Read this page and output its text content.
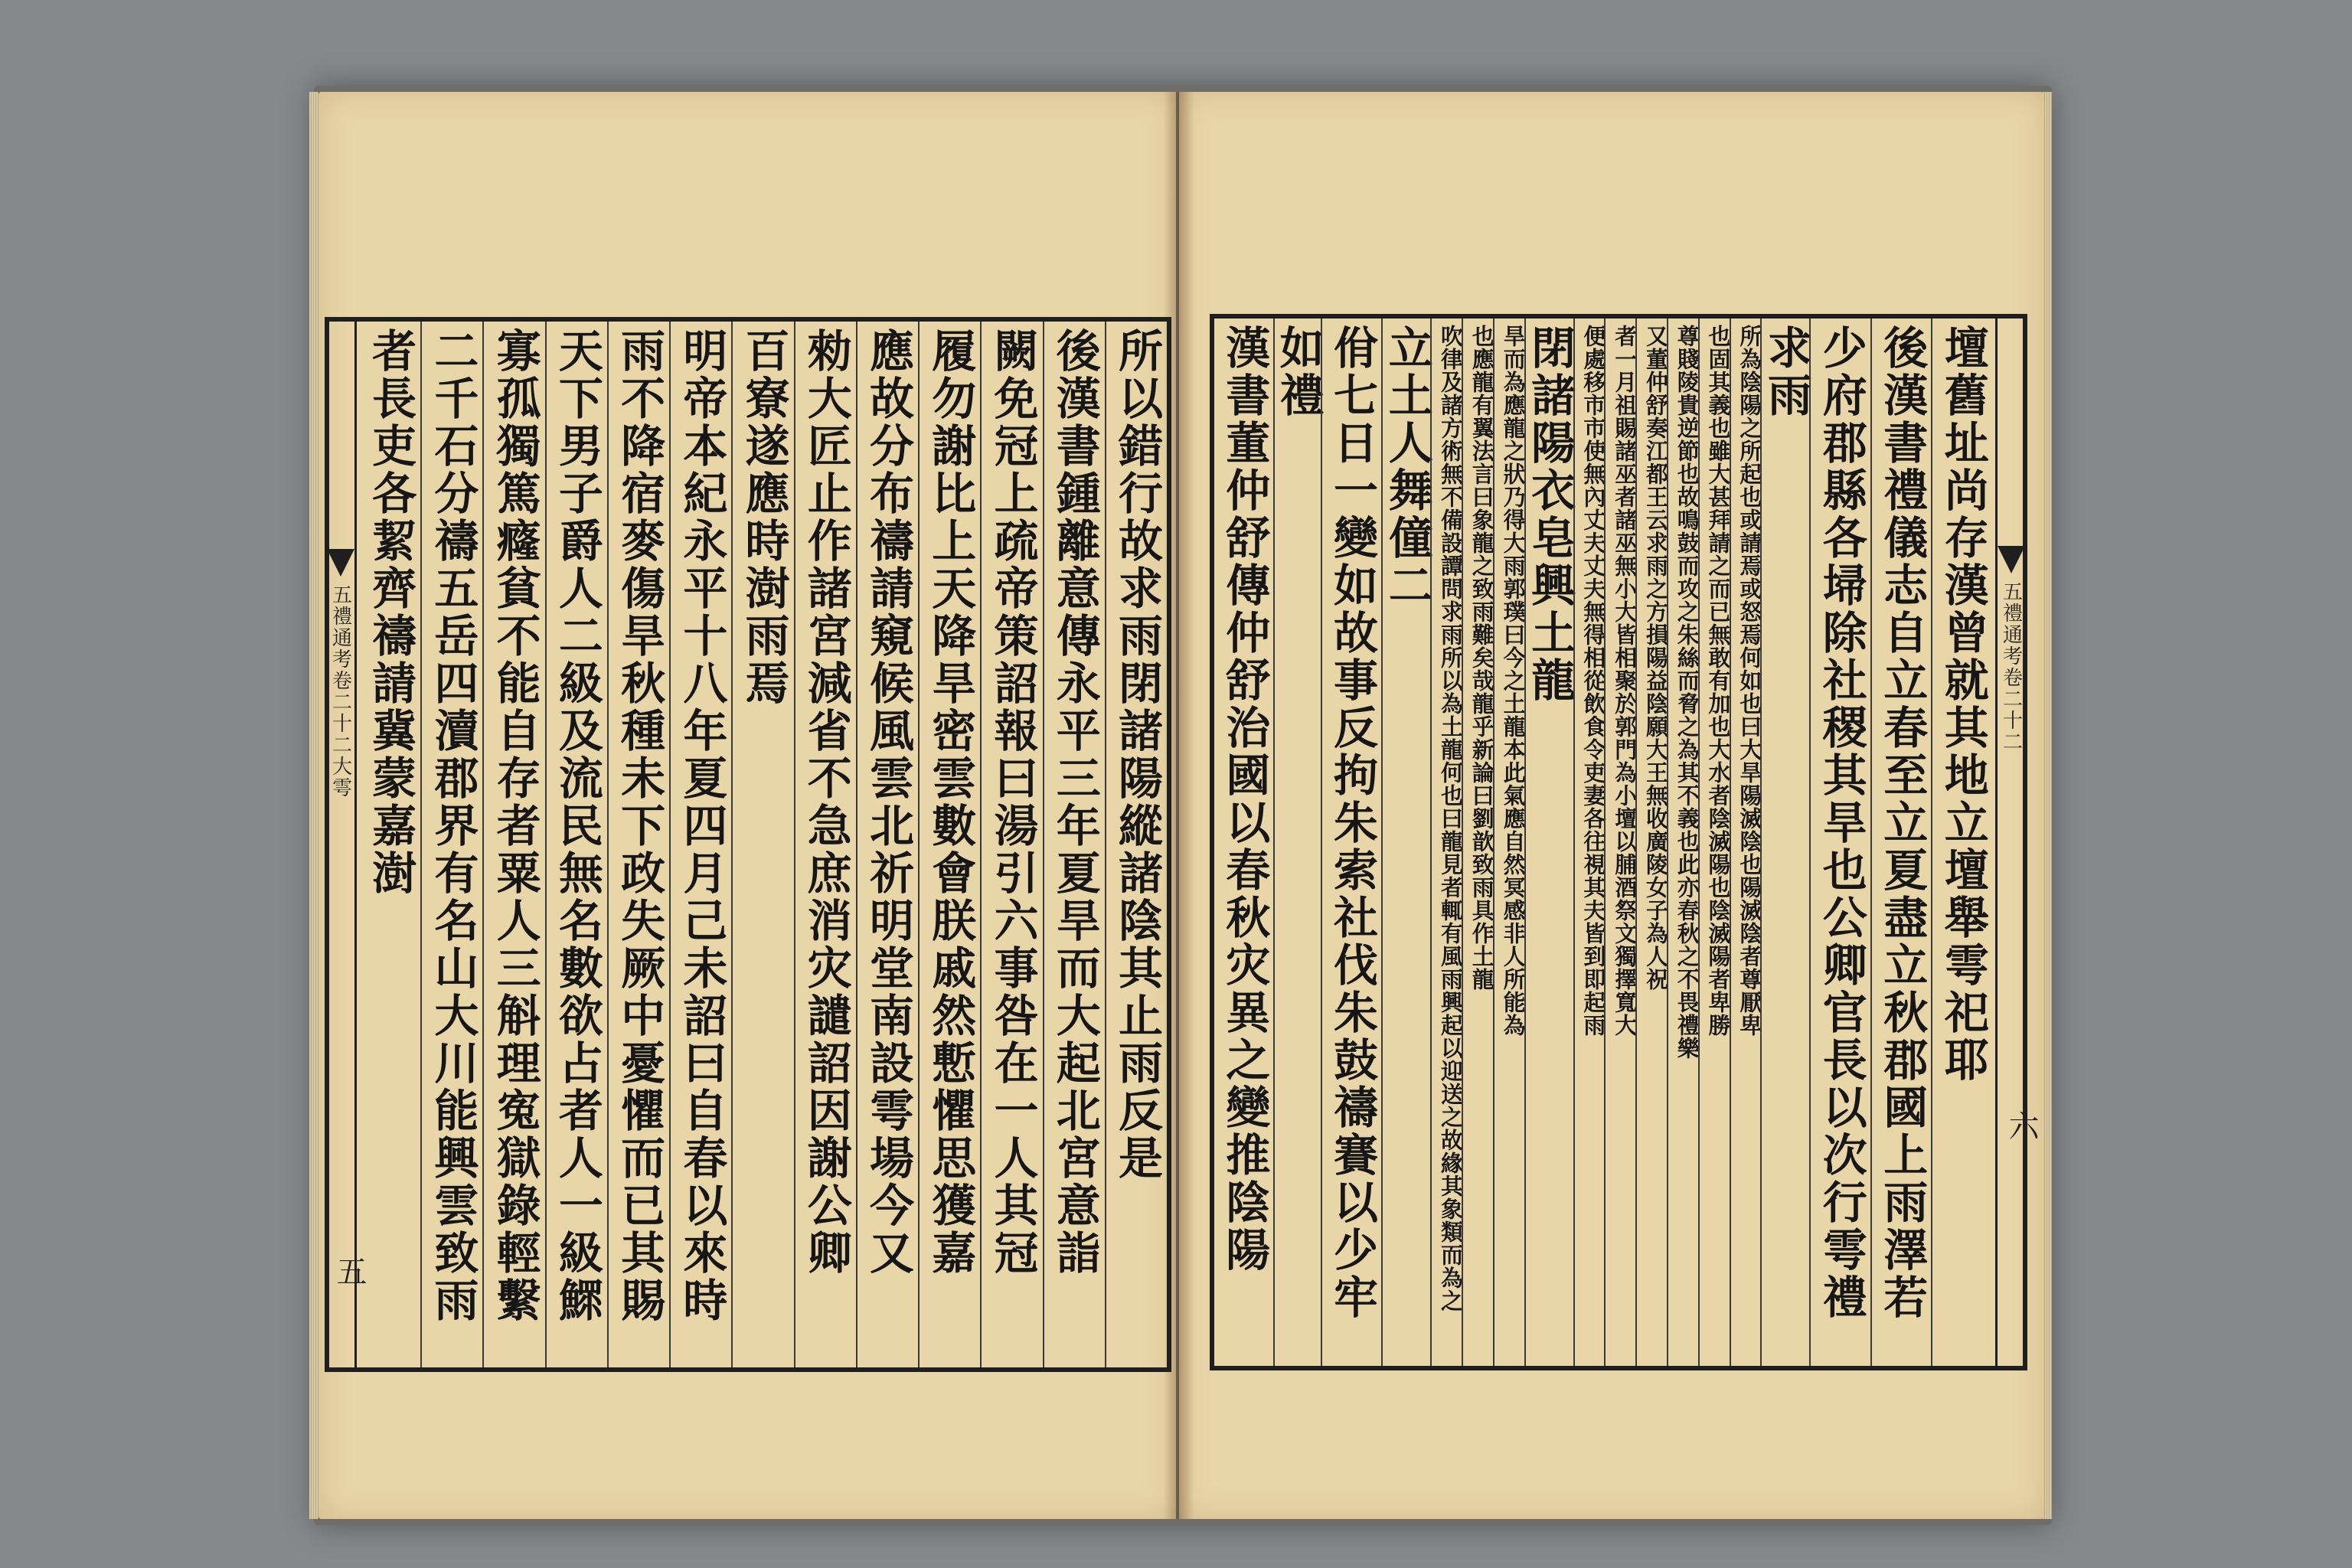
所以錯行故求雨閉諸陽縱諸陰其止雨反是
後漢書鍾離意傳永平三年夏旱而大起北宮意詣
闕免冠上疏帝策詔報曰湯引六事咎在一人其冠
履勿謝比上天降旱密雲數會朕戚然慙懼思獲嘉
應故分布禱請窺候風雲北祈明堂南設雩場今又
勑大匠止作諸宮減省不急庶消灾譴詔因謝公卿
百寮遂應時澍雨焉
明帝本紀永平十八年夏四月己未詔曰自春以來時
雨不降宿麥傷旱秋種未下政失厥中憂懼而已其賜
天下男子爵人二級及流民無名數欲占者人一級鰥
寡孤獨篤癃貧不能自存者粟人三斛理寃獄錄輕繫
二千石分禱五岳四瀆郡界有名山大川能興雲致雨
者長吏各絜齊禱請冀蒙嘉澍
五禮通考卷二十二大雩
五
壇舊址尚存漢曾就其地立壇舉雩祀耶
後漢書禮儀志自立春至立夏盡立秋郡國上雨澤若
少府郡縣各埽除社稷其旱也公卿官長以次行雩禮
求雨
所為陰陽之所起也或請焉或怒焉何如也曰大旱陽滅陰也陽滅陰者尊厭卑
也固其義也雖大甚拜請之而已無敢有加也大水者陰滅陽也陰滅陽者卑勝
尊賤陵貴逆節也故鳴鼓而攻之朱絲而脅之為其不義也此亦春秋之不畏禮樂
又董仲舒奏江都王云求雨之方損陽益陰願大王無收廣陵女子為人祝
者一月祖賜諸巫者諸巫無小大皆相聚於郭門為小壇以脯酒祭文獨擇寬大
便處移市市使無內丈夫丈夫無得相從飲食令吏妻各往視其夫皆到即起雨
閉諸陽衣皂興土龍
旱而為應龍之狀乃得大雨郭璞曰今之土龍本此氣應自然冥感非人所能為
也應龍有翼法言曰象龍之致雨難矣哉龍乎新論曰劉歆致雨具作土龍
吹律及諸方術無不備設譚問求雨所以為土龍何也曰龍見者輒有風雨興起以迎送之故緣其象類而為之
立土人舞僮二
佾七日一變如故事反拘朱索社伐朱鼓禱賽以少牢
如禮
漢書董仲舒傳仲舒治國以春秋灾異之變推陰陽	五禮通考卷二十二
六
